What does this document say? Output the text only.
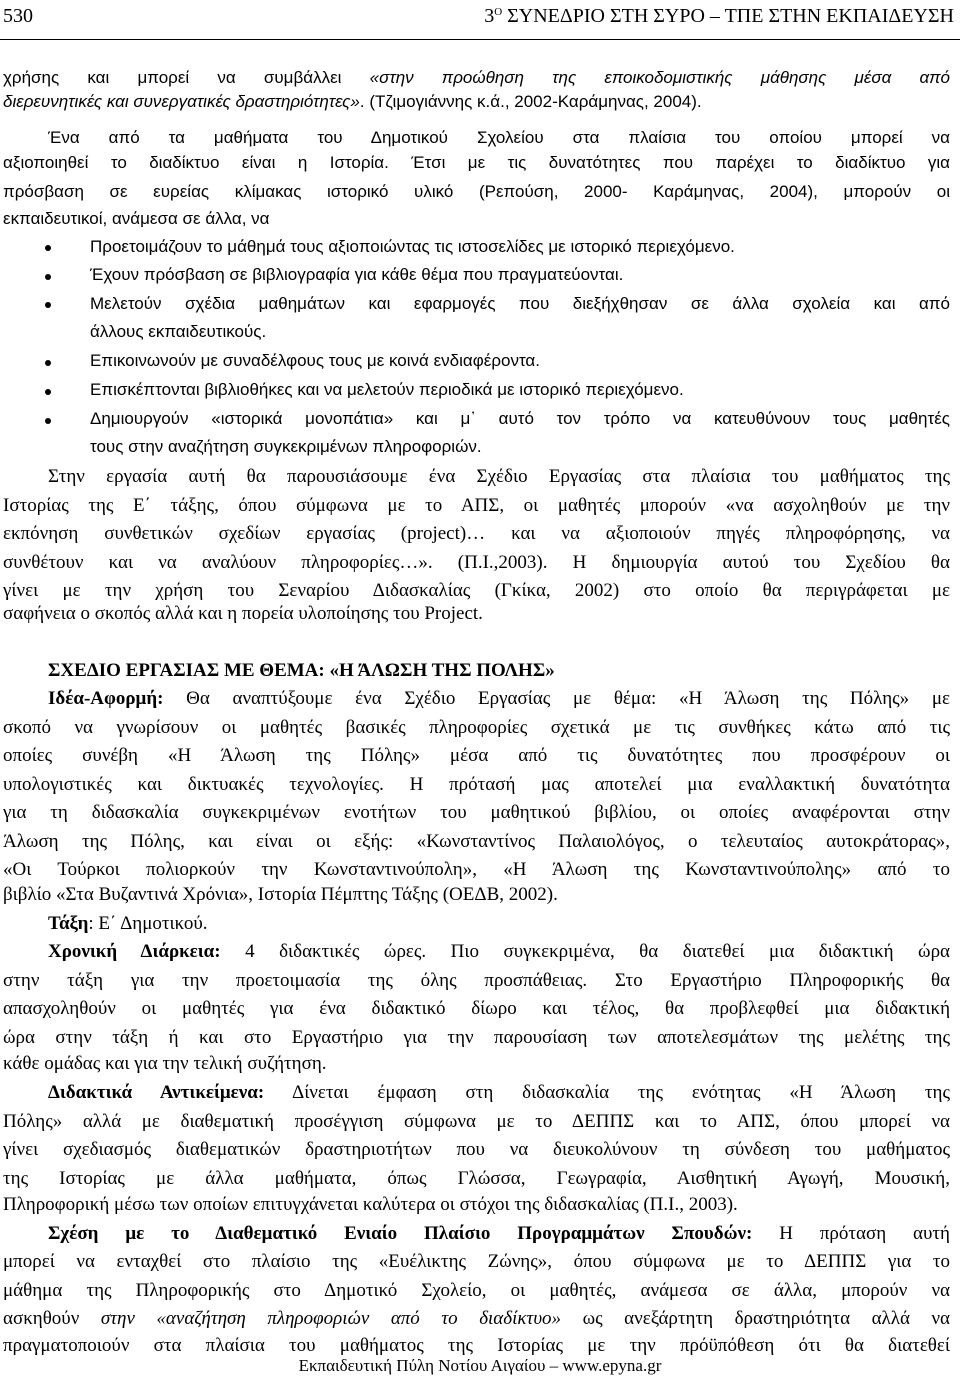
530	$3^O$ ΣΥΝΕΔΡΙΟ ΣΤΗ ΣΥΡΟ – ΤΠΕ ΣΤΗΝ ΕΚΠΑΙΔΕΥΣΗ
χρήσης και μπορεί να συμβάλλει «στην προώθηση της εποικοδομιστικής μάθησης μέσα από
διερευνητικές και συνεργατικές δραστηριότητες». (Τζιμογιάννης κ.ά., 2002-Καράμηνας, 2004).
Ένα από τα μαθήματα του Δημοτικού Σχολείου στα πλαίσια του οποίου μπορεί να
αξιοποιηθεί το διαδίκτυο είναι η Ιστορία. Έτσι με τις δυνατότητες που παρέχει το διαδίκτυο για
πρόσβαση σε ευρείας κλίμακας ιστορικό υλικό (Ρεπούση, 2000- Καράμηνας, 2004), μπορούν οι
εκπαιδευτικοί, ανάμεσα σε άλλα, να
Προετοιμάζουν το μάθημά τους αξιοποιώντας τις ιστοσελίδες με ιστορικό περιεχόμενο.
Έχουν πρόσβαση σε βιβλιογραφία για κάθε θέμα που πραγματεύονται.
Μελετούν σχέδια μαθημάτων και εφαρμογές που διεξήχθησαν σε άλλα σχολεία και από
άλλους εκπαιδευτικούς.
Επικοινωνούν με συναδέλφους τους με κοινά ενδιαφέροντα.
Επισκέπτονται βιβλιοθήκες και να μελετούν περιοδικά με ιστορικό περιεχόμενο.
Δημιουργούν «ιστορικά μονοπάτια» και μ᾽ αυτό τον τρόπο να κατευθύνουν τους μαθητές
τους στην αναζήτηση συγκεκριμένων πληροφοριών.
Στην εργασία αυτή θα παρουσιάσουμε ένα Σχέδιο Εργασίας στα πλαίσια του μαθήματος της
Ιστορίας της Ε΄ τάξης, όπου σύμφωνα με το ΑΠΣ, οι μαθητές μπορούν «να ασχοληθούν με την
εκπόνηση συνθετικών σχεδίων εργασίας (project)… και να αξιοποιούν πηγές πληροφόρησης, να
συνθέτουν και να αναλύουν πληροφορίες…». (Π.Ι.,2003). Η δημιουργία αυτού του Σχεδίου θα
γίνει με την χρήση του Σεναρίου Διδασκαλίας (Γκίκα, 2002) στο οποίο θα περιγράφεται με
σαφήνεια ο σκοπός αλλά και η πορεία υλοποίησης του Project.
ΣΧΕΔΙΟ ΕΡΓΑΣΙΑΣ ΜΕ ΘΕΜΑ: «Η ΆΛΩΣΗ ΤΗΣ ΠΟΛΗΣ»
Ιδέα-Αφορμή: Θα αναπτύξουμε ένα Σχέδιο Εργασίας με θέμα: «Η Άλωση της Πόλης» με
σκοπό να γνωρίσουν οι μαθητές βασικές πληροφορίες σχετικά με τις συνθήκες κάτω από τις
οποίες συνέβη «Η Άλωση της Πόλης» μέσα από τις δυνατότητες που προσφέρουν οι
υπολογιστικές και δικτυακές τεχνολογίες. Η πρότασή μας αποτελεί μια εναλλακτική δυνατότητα
για τη διδασκαλία συγκεκριμένων ενοτήτων του μαθητικού βιβλίου, οι οποίες αναφέρονται στην
Άλωση της Πόλης, και είναι οι εξής: «Κωνσταντίνος Παλαιολόγος, ο τελευταίος αυτοκράτορας»,
«Οι Τούρκοι πολιορκούν την Κωνσταντινούπολη», «Η Άλωση της Κωνσταντινούπολης» από το
βιβλίο «Στα Βυζαντινά Χρόνια», Ιστορία Πέμπτης Τάξης (ΟΕΔΒ, 2002).
Τάξη: Ε΄ Δημοτικού.
Χρονική Διάρκεια: 4 διδακτικές ώρες. Πιο συγκεκριμένα, θα διατεθεί μια διδακτική ώρα
στην τάξη για την προετοιμασία της όλης προσπάθειας. Στο Εργαστήριο Πληροφορικής θα
απασχοληθούν οι μαθητές για ένα διδακτικό δίωρο και τέλος, θα προβλεφθεί μια διδακτική
ώρα στην τάξη ή και στο Εργαστήριο για την παρουσίαση των αποτελεσμάτων της μελέτης της
κάθε ομάδας και για την τελική συζήτηση.
Διδακτικά Αντικείμενα: Δίνεται έμφαση στη διδασκαλία της ενότητας «Η Άλωση της
Πόλης» αλλά με διαθεματική προσέγγιση σύμφωνα με το ΔΕΠΠΣ και το ΑΠΣ, όπου μπορεί να
γίνει σχεδιασμός διαθεματικών δραστηριοτήτων που να διευκολύνουν τη σύνδεση του μαθήματος
της Ιστορίας με άλλα μαθήματα, όπως Γλώσσα, Γεωγραφία, Αισθητική Αγωγή, Μουσική,
Πληροφορική μέσω των οποίων επιτυγχάνεται καλύτερα οι στόχοι της διδασκαλίας (Π.Ι., 2003).
Σχέση με το Διαθεματικό Ενιαίο Πλαίσιο Προγραμμάτων Σπουδών: Η πρόταση αυτή
μπορεί να ενταχθεί στο πλαίσιο της «Ευέλικτης Ζώνης», όπου σύμφωνα με το ΔΕΠΠΣ για το
μάθημα της Πληροφορικής στο Δημοτικό Σχολείο, οι μαθητές, ανάμεσα σε άλλα, μπορούν να
ασκηθούν στην «αναζήτηση πληροφοριών από το διαδίκτυο» ως ανεξάρτητη δραστηριότητα αλλά να
πραγματοποιούν στα πλαίσια του μαθήματος της Ιστορίας με την πρόϋπόθεση ότι θα διατεθεί
Εκπαιδευτική Πύλη Νοτίου Αιγαίου – www.epyna.gr
